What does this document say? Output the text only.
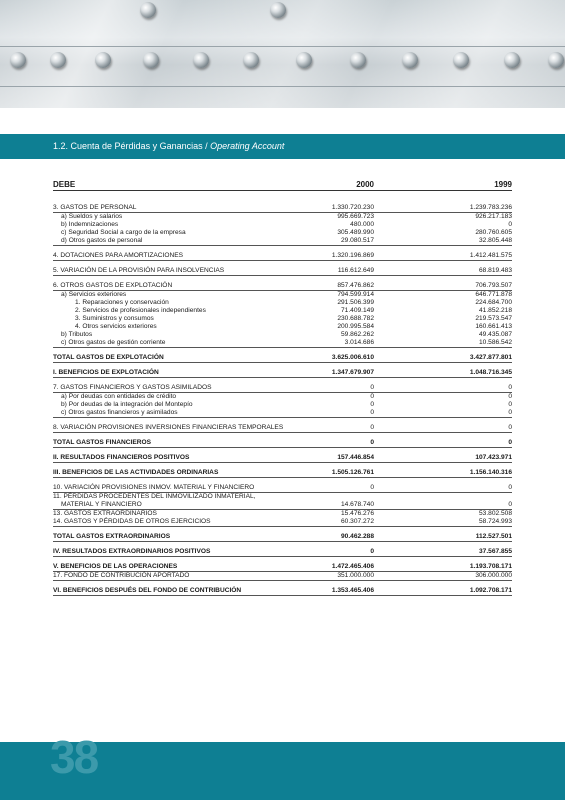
1.2. Cuenta de Pérdidas y Ganancias / Operating Account
DEBE	2000	1999
3. GASTOS DE PERSONAL	1.330.720.230	1.239.783.236
a) Sueldos y salarios	995.669.723	926.217.183
b) Indemnizaciones	480.000	0
c) Seguridad Social a cargo de la empresa	305.489.990	280.760.605
d) Otros gastos de personal	29.080.517	32.805.448
4. DOTACIONES PARA AMORTIZACIONES	1.320.196.869	1.412.481.575
5. VARIACIÓN DE LA PROVISIÓN PARA INSOLVENCIAS	116.612.649	68.819.483
6. OTROS GASTOS DE EXPLOTACIÓN	857.476.862	706.793.507
a) Servicios exteriores	794.599.914	646.771.878
1. Reparaciones y conservación	291.506.399	224.684.700
2. Servicios de profesionales independientes	71.409.149	41.852.218
3. Suministros y consumos	230.688.782	219.573.547
4. Otros servicios exteriores	200.995.584	160.661.413
b) Tributos	59.862.262	49.435.087
c) Otros gastos de gestión corriente	3.014.686	10.586.542
TOTAL GASTOS DE EXPLOTACIÓN	3.625.006.610	3.427.877.801
I. BENEFICIOS DE EXPLOTACIÓN	1.347.679.907	1.048.716.345
7. GASTOS FINANCIEROS Y GASTOS ASIMILADOS	0	0
a) Por deudas con entidades de crédito	0	0
b) Por deudas de la integración del Montepío	0	0
c) Otros gastos financieros y asimilados	0	0
8. VARIACIÓN PROVISIONES INVERSIONES FINANCIERAS TEMPORALES	0	0
TOTAL GASTOS FINANCIEROS	0	0
II. RESULTADOS FINANCIEROS POSITIVOS	157.446.854	107.423.971
III. BENEFICIOS DE LAS ACTIVIDADES ORDINARIAS	1.505.126.761	1.156.140.316
10. VARIACIÓN PROVISIONES INMOV. MATERIAL Y FINANCIERO	0	0
11. PÉRDIDAS PROCEDENTES DEL INMOVILIZADO INMATERIAL,
MATERIAL Y FINANCIERO	14.678.740	0
13. GASTOS EXTRAORDINARIOS	15.476.276	53.802.508
14. GASTOS Y PÉRDIDAS DE OTROS EJERCICIOS	60.307.272	58.724.993
TOTAL GASTOS EXTRAORDINARIOS	90.462.288	112.527.501
IV. RESULTADOS EXTRAORDINARIOS POSITIVOS	0	37.567.855
V. BENEFICIOS DE LAS OPERACIONES	1.472.465.406	1.193.708.171
17. FONDO DE CONTRIBUCIÓN APORTADO	351.000.000	306.000.000
VI. BENEFICIOS DESPUÉS DEL FONDO DE CONTRIBUCIÓN	1.353.465.406	1.092.708.171
38
